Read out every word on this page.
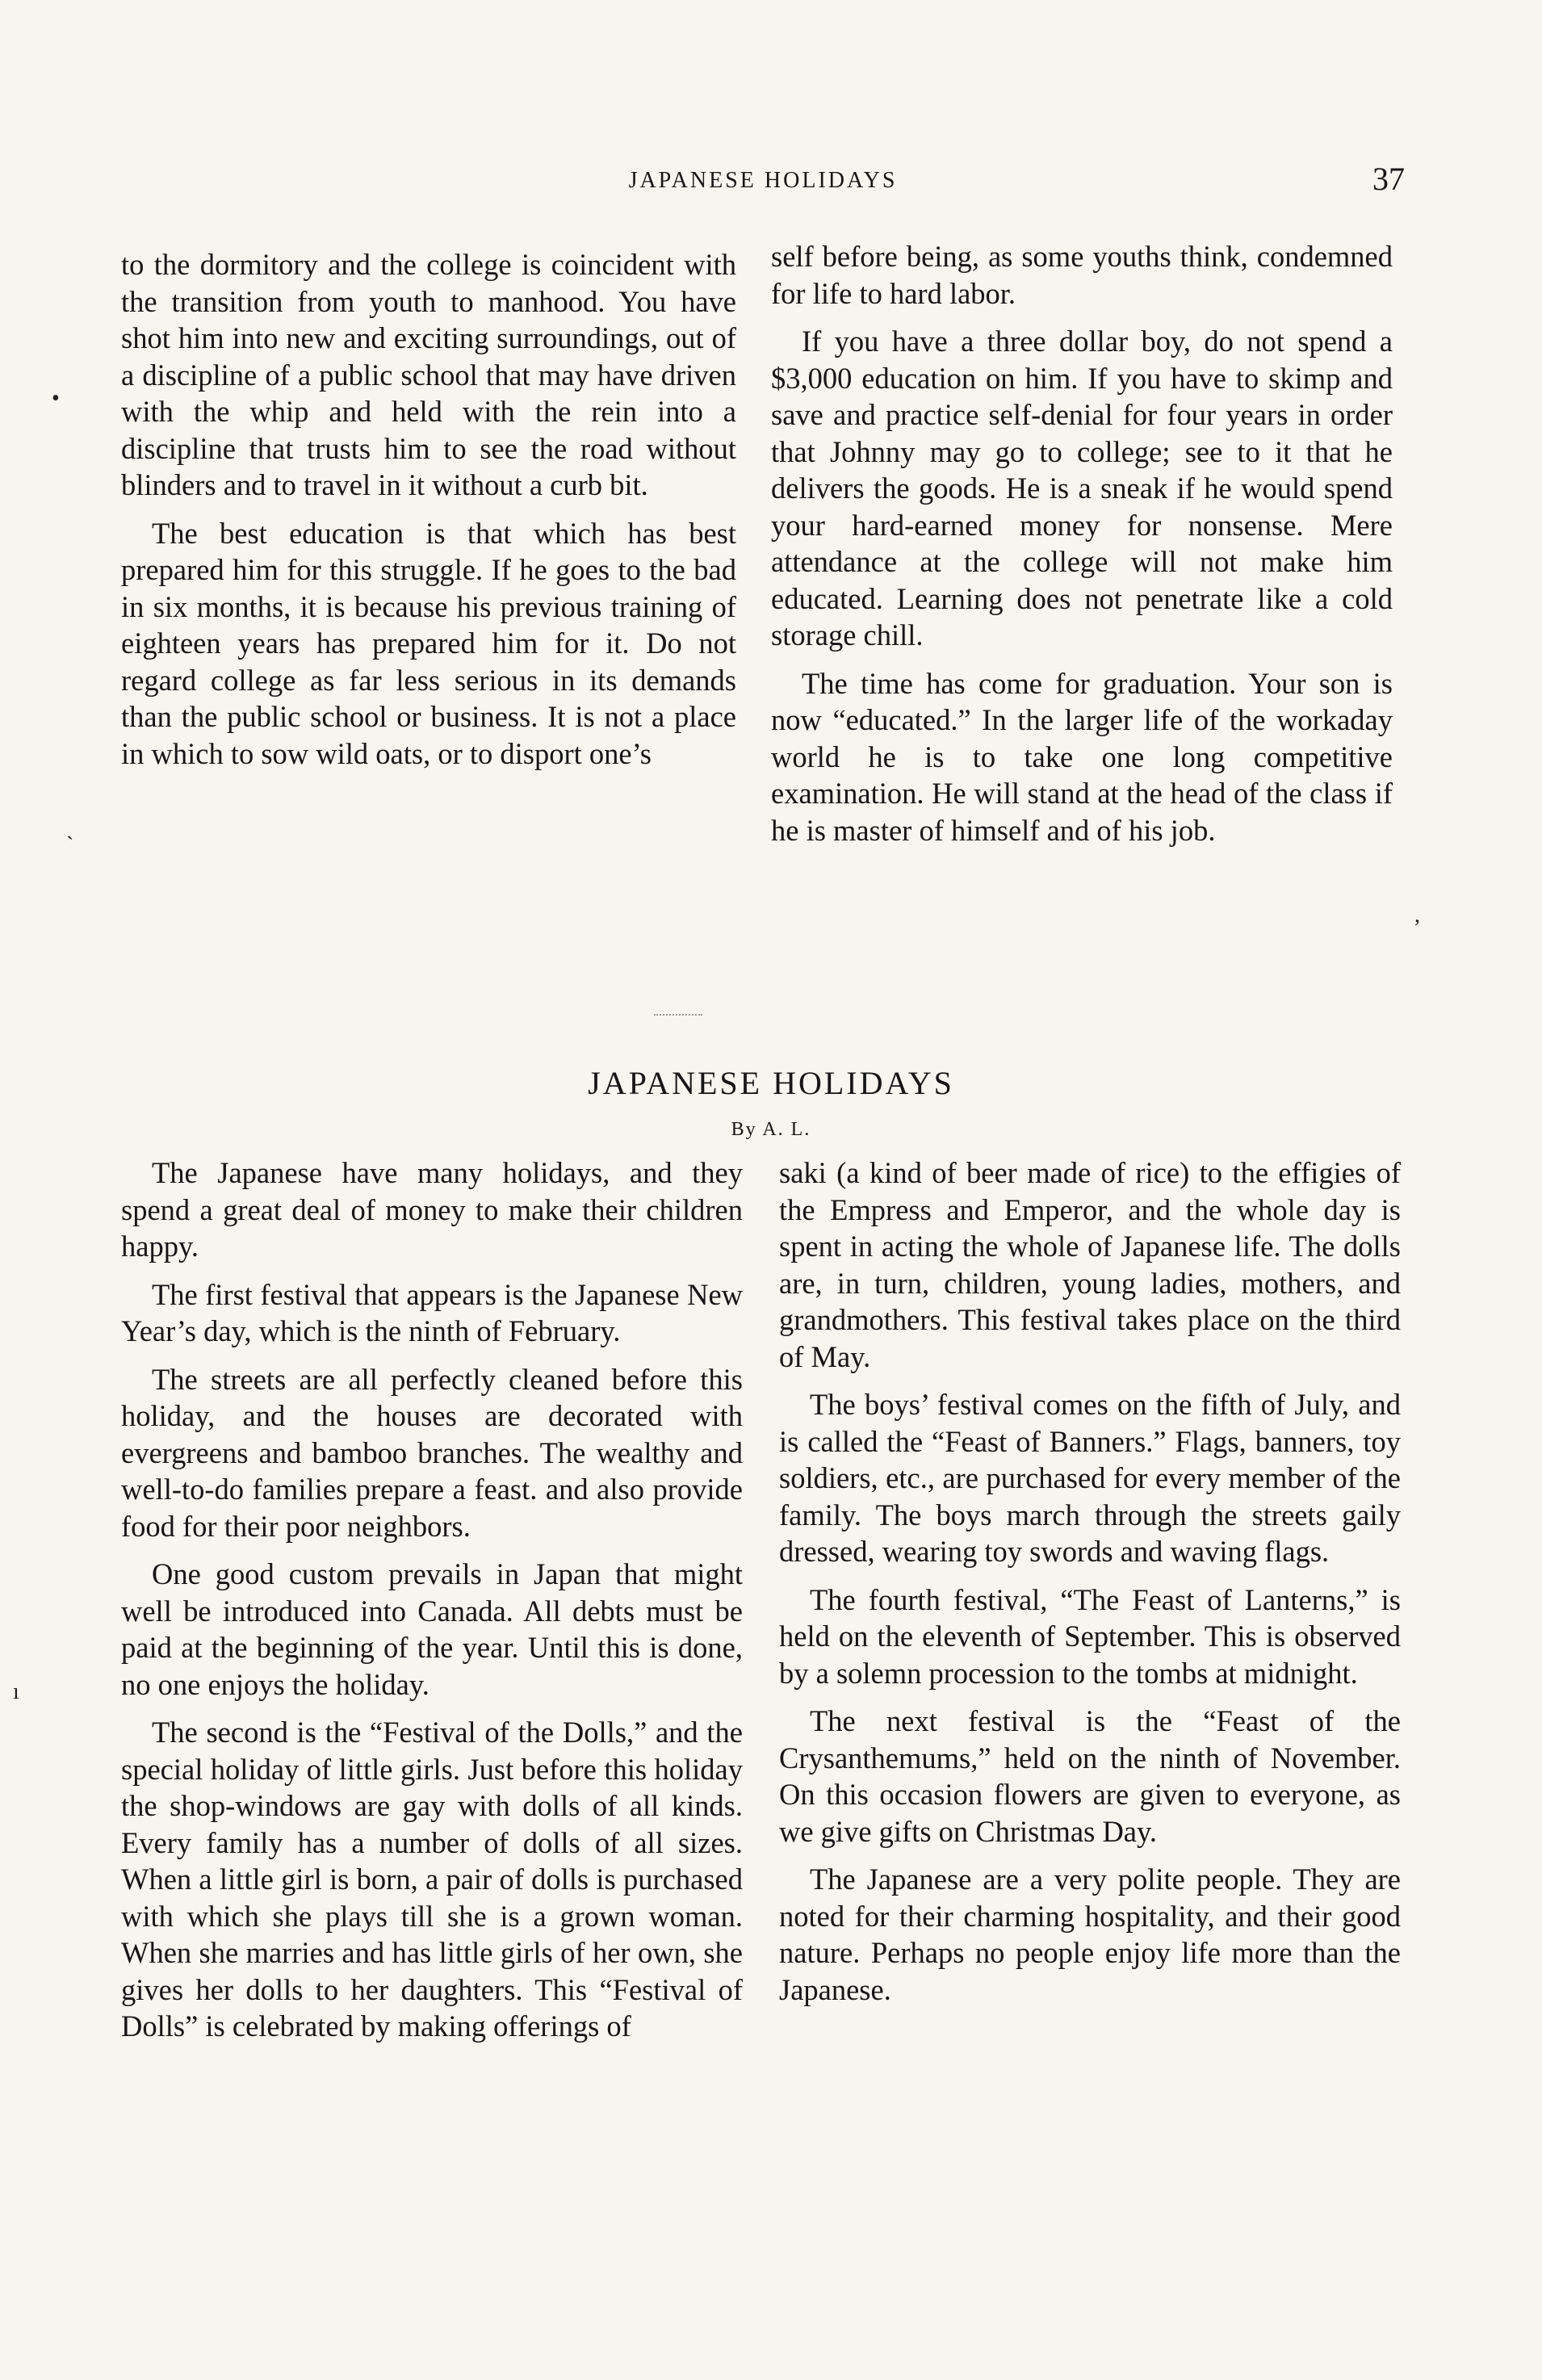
JAPANESE HOLIDAYS	37

to the dormitory and the college is coincident with the transition from youth to manhood. You have shot him into new and exciting surroundings, out of a discipline of a public school that may have driven with the whip and held with the rein into a discipline that trusts him to see the road without blinders and to travel in it without a curb bit.

The best education is that which has best prepared him for this struggle. If he goes to the bad in six months, it is because his previous training of eighteen years has prepared him for it. Do not regard college as far less serious in its demands than the public school or business. It is not a place in which to sow wild oats, or to disport one’s

self before being, as some youths think, condemned for life to hard labor.

If you have a three dollar boy, do not spend a $3,000 education on him. If you have to skimp and save and practice self-denial for four years in order that Johnny may go to college; see to it that he delivers the goods. He is a sneak if he would spend your hard-earned money for nonsense. Mere attendance at the college will not make him educated. Learning does not penetrate like a cold storage chill.

The time has come for graduation. Your son is now “educated.” In the larger life of the workaday world he is to take one long competitive examination. He will stand at the head of the class if he is master of himself and of his job.

JAPANESE HOLIDAYS
By A. L.

The Japanese have many holidays, and they spend a great deal of money to make their children happy.

The first festival that appears is the Japanese New Year’s day, which is the ninth of February.

The streets are all perfectly cleaned before this holiday, and the houses are decorated with evergreens and bamboo branches. The wealthy and well-to-do families prepare a feast. and also provide food for their poor neighbors.

One good custom prevails in Japan that might well be introduced into Canada. All debts must be paid at the beginning of the year. Until this is done, no one enjoys the holiday.

The second is the “Festival of the Dolls,” and the special holiday of little girls. Just before this holiday the shop-windows are gay with dolls of all kinds. Every family has a number of dolls of all sizes. When a little girl is born, a pair of dolls is purchased with which she plays till she is a grown woman. When she marries and has little girls of her own, she gives her dolls to her daughters. This “Festival of Dolls” is celebrated by making offerings of

saki (a kind of beer made of rice) to the effigies of the Empress and Emperor, and the whole day is spent in acting the whole of Japanese life. The dolls are, in turn, children, young ladies, mothers, and grandmothers. This festival takes place on the third of May.

The boys’ festival comes on the fifth of July, and is called the “Feast of Banners.” Flags, banners, toy soldiers, etc., are purchased for every member of the family. The boys march through the streets gaily dressed, wearing toy swords and waving flags.

The fourth festival, “The Feast of Lanterns,” is held on the eleventh of September. This is observed by a solemn procession to the tombs at midnight.

The next festival is the “Feast of the Crysanthemums,” held on the ninth of November. On this occasion flowers are given to everyone, as we give gifts on Christmas Day.

The Japanese are a very polite people. They are noted for their charming hospitality, and their good nature. Perhaps no people enjoy life more than the Japanese.

•
ˎ
,
ı
